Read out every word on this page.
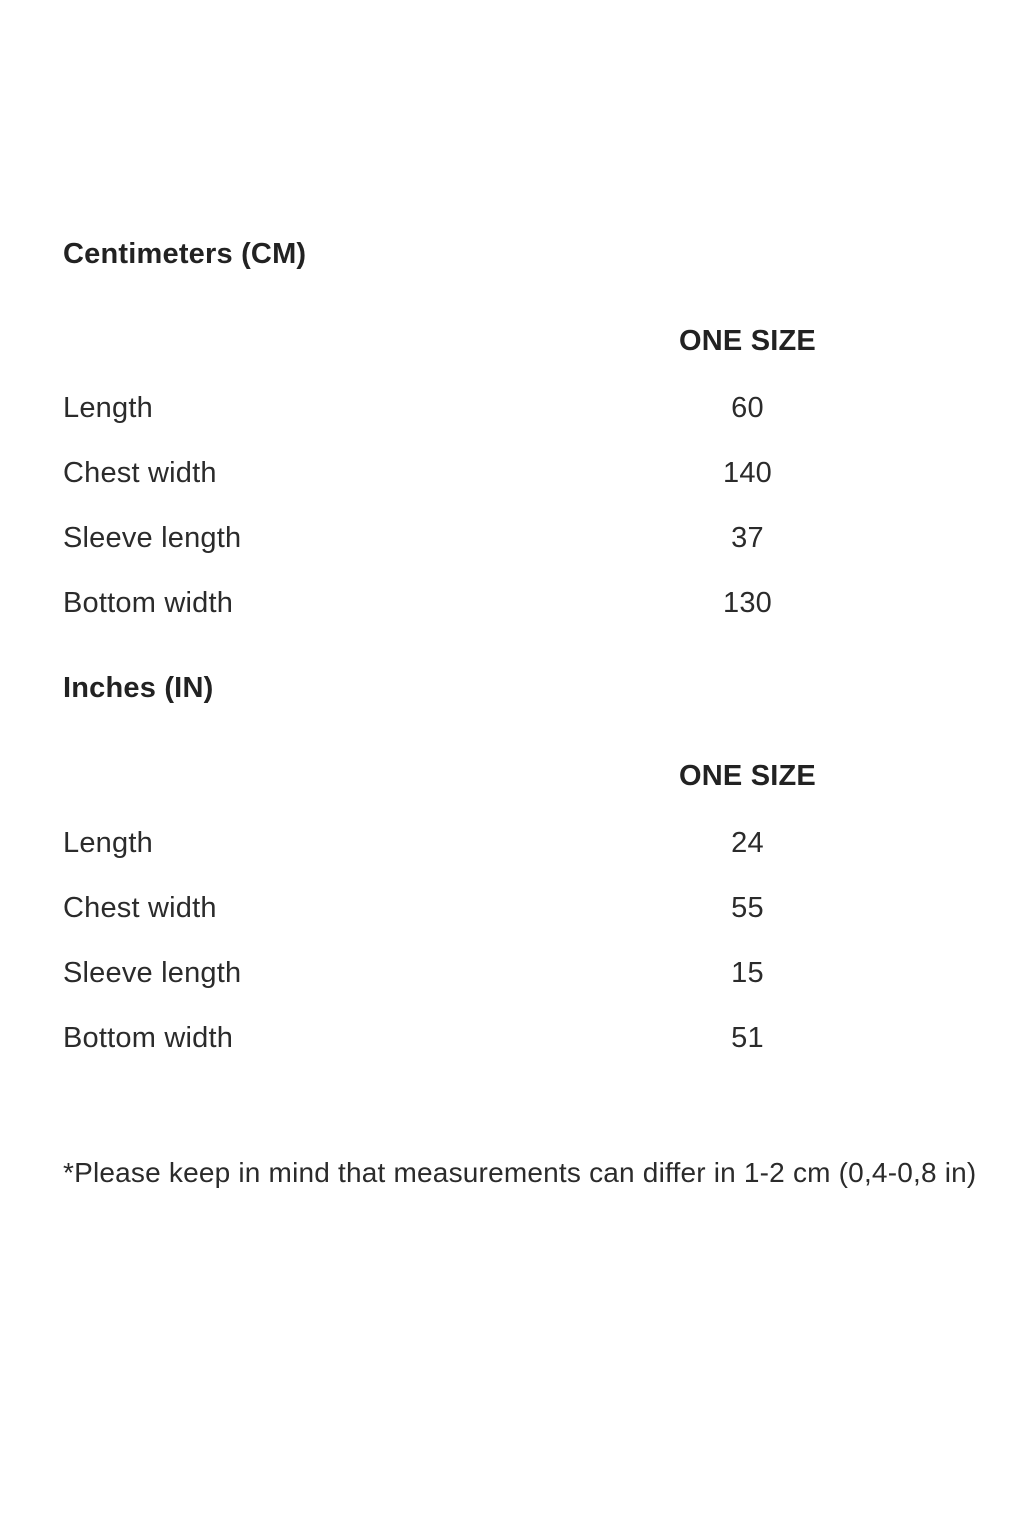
Centimeters (CM)
ONE SIZE
Length	60
Chest width	140
Sleeve length	37
Bottom width	130
Inches (IN)
ONE SIZE
Length	24
Chest width	55
Sleeve length	15
Bottom width	51

*Please keep in mind that measurements can differ in 1-2 cm (0,4-0,8 in)
